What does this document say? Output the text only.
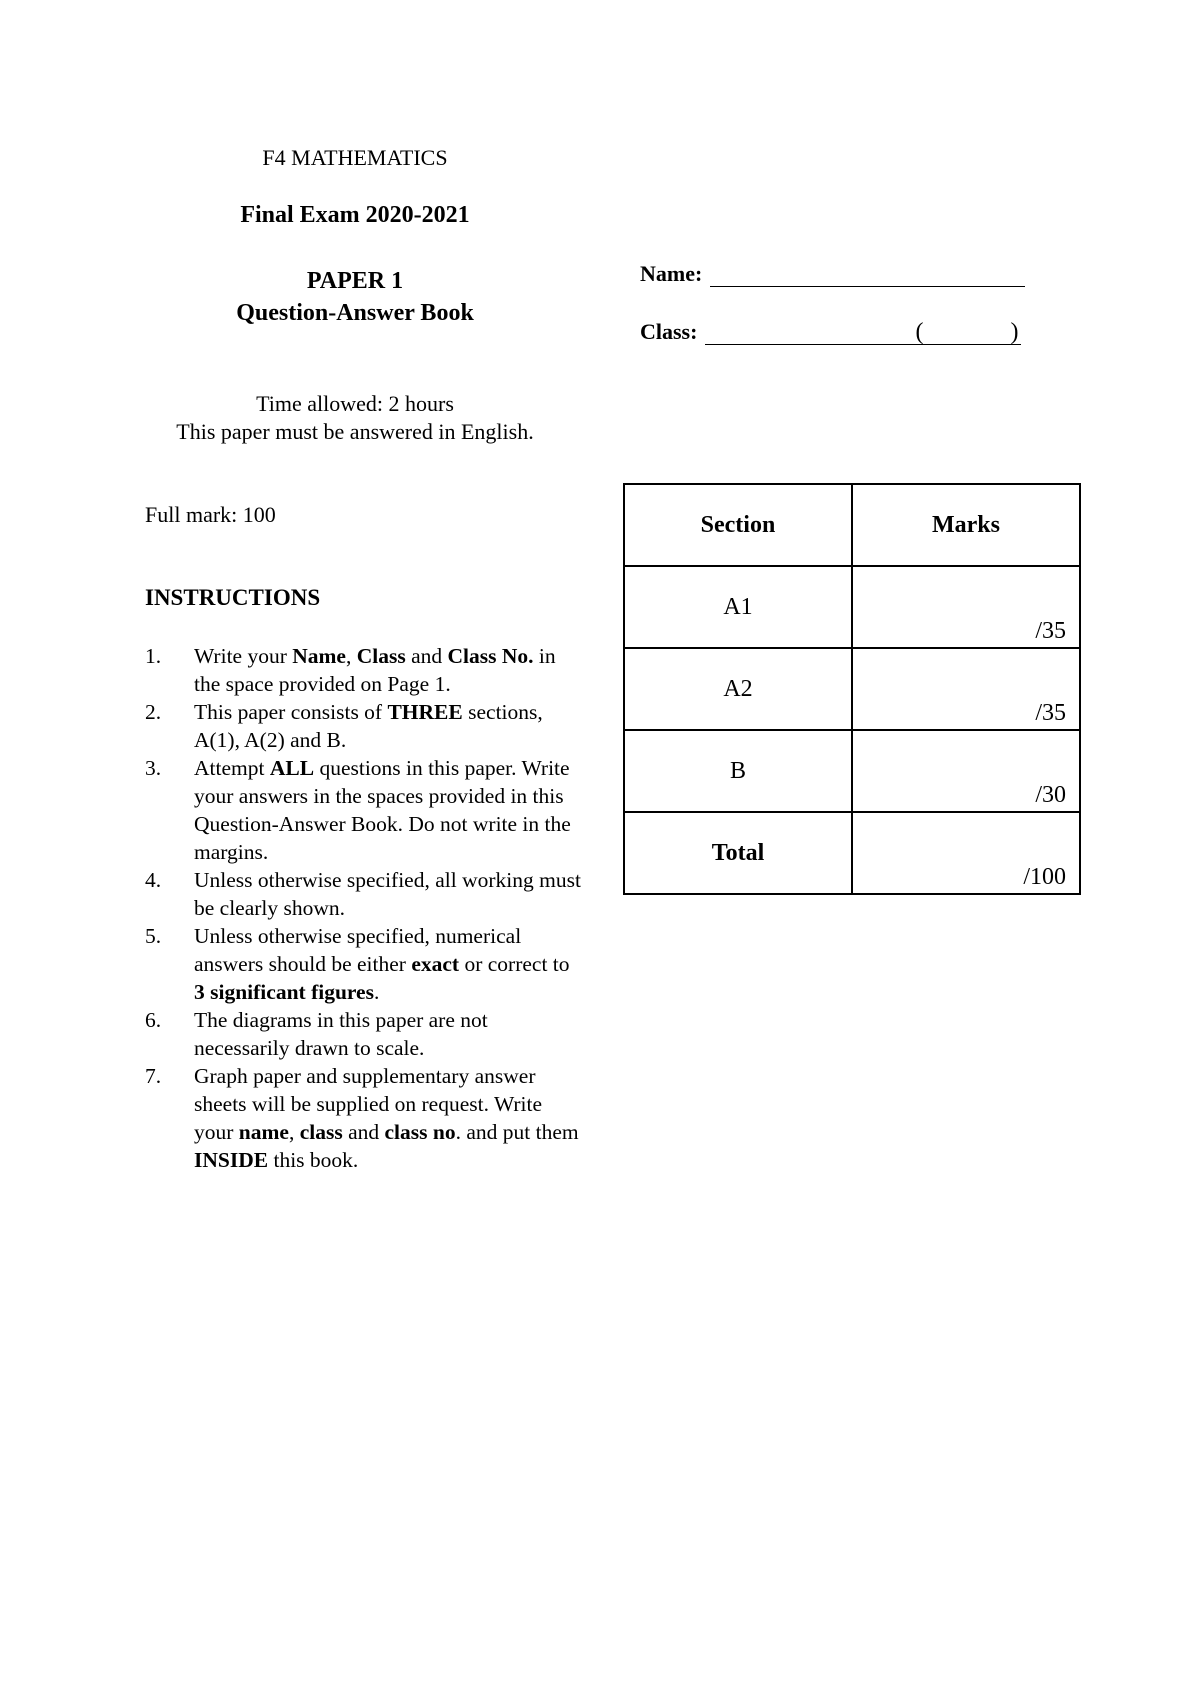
F4 MATHEMATICS
Final Exam 2020-2021
PAPER 1
Question-Answer Book
Name:
Class:	(	)
Time allowed: 2 hours
This paper must be answered in English.
Full mark: 100
INSTRUCTIONS
1. Write your Name, Class and Class No. in the space provided on Page 1.
2. This paper consists of THREE sections, A(1), A(2) and B.
3. Attempt ALL questions in this paper. Write your answers in the spaces provided in this Question-Answer Book. Do not write in the margins.
4. Unless otherwise specified, all working must be clearly shown.
5. Unless otherwise specified, numerical answers should be either exact or correct to 3 significant figures.
6. The diagrams in this paper are not necessarily drawn to scale.
7. Graph paper and supplementary answer sheets will be supplied on request. Write your name, class and class no. and put them INSIDE this book.
Section	Marks
A1	/35

A2	/35

B	/30

Total	/100
